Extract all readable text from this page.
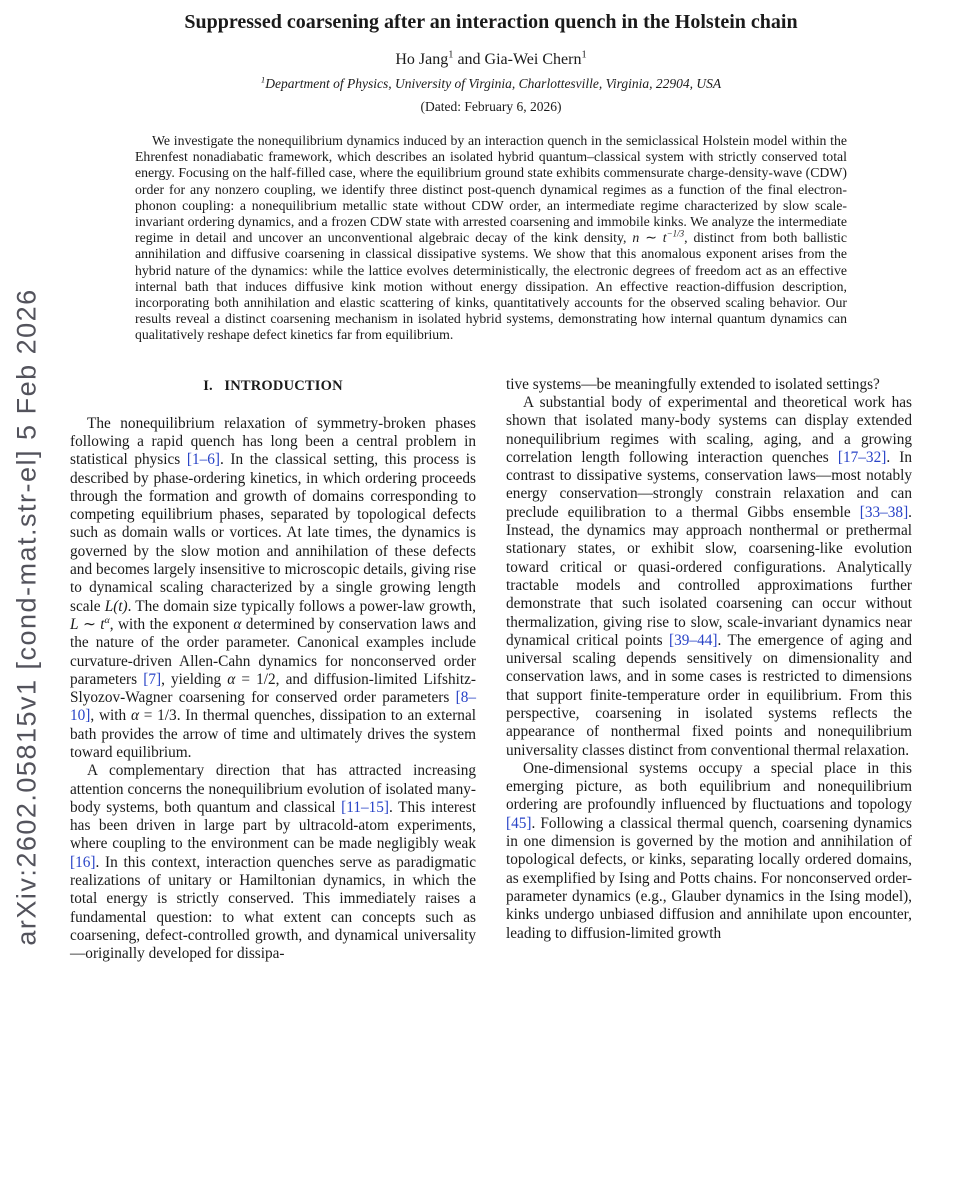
arXiv:2602.05815v1 [cond-mat.str-el] 5 Feb 2026
Suppressed coarsening after an interaction quench in the Holstein chain
Ho Jang$^1$ and Gia-Wei Chern$^1$
$^1$Department of Physics, University of Virginia, Charlottesville, Virginia, 22904, USA
(Dated: February 6, 2026)
We investigate the nonequilibrium dynamics induced by an interaction quench in the semiclassical Holstein model within the Ehrenfest nonadiabatic framework, which describes an isolated hybrid quantum–classical system with strictly conserved total energy. Focusing on the half-filled case, where the equilibrium ground state exhibits commensurate charge-density-wave (CDW) order for any nonzero coupling, we identify three distinct post-quench dynamical regimes as a function of the final electron-phonon coupling: a nonequilibrium metallic state without CDW order, an intermediate regime characterized by slow scale-invariant ordering dynamics, and a frozen CDW state with arrested coarsening and immobile kinks. We analyze the intermediate regime in detail and uncover an unconventional algebraic decay of the kink density, n ∼ $t^{-1/3}$, distinct from both ballistic annihilation and diffusive coarsening in classical dissipative systems. We show that this anomalous exponent arises from the hybrid nature of the dynamics: while the lattice evolves deterministically, the electronic degrees of freedom act as an effective internal bath that induces diffusive kink motion without energy dissipation. An effective reaction-diffusion description, incorporating both annihilation and elastic scattering of kinks, quantitatively accounts for the observed scaling behavior. Our results reveal a distinct coarsening mechanism in isolated hybrid systems, demonstrating how internal quantum dynamics can qualitatively reshape defect kinetics far from equilibrium.
I.   INTRODUCTION

The nonequilibrium relaxation of symmetry-broken phases following a rapid quench has long been a central problem in statistical physics [1–6]. In the classical setting, this process is described by phase-ordering kinetics, in which ordering proceeds through the formation and growth of domains corresponding to competing equilibrium phases, separated by topological defects such as domain walls or vortices. At late times, the dynamics is governed by the slow motion and annihilation of these defects and becomes largely insensitive to microscopic details, giving rise to dynamical scaling characterized by a single growing length scale L(t). The domain size typically follows a power-law growth, L ∼ $t^\alpha$, with the exponent α determined by conservation laws and the nature of the order parameter. Canonical examples include curvature-driven Allen-Cahn dynamics for nonconserved order parameters [7], yielding α = 1/2, and diffusion-limited Lifshitz-Slyozov-Wagner coarsening for conserved order parameters [8–10], with α = 1/3. In thermal quenches, dissipation to an external bath provides the arrow of time and ultimately drives the system toward equilibrium.

A complementary direction that has attracted increasing attention concerns the nonequilibrium evolution of isolated many-body systems, both quantum and classical [11–15]. This interest has been driven in large part by ultracold-atom experiments, where coupling to the environment can be made negligibly weak [16]. In this context, interaction quenches serve as paradigmatic realizations of unitary or Hamiltonian dynamics, in which the total energy is strictly conserved. This immediately raises a fundamental question: to what extent can concepts such as coarsening, defect-controlled growth, and dynamical universality—originally developed for dissipa-

tive systems—be meaningfully extended to isolated settings?

A substantial body of experimental and theoretical work has shown that isolated many-body systems can display extended nonequilibrium regimes with scaling, aging, and a growing correlation length following interaction quenches [17–32]. In contrast to dissipative systems, conservation laws—most notably energy conservation—strongly constrain relaxation and can preclude equilibration to a thermal Gibbs ensemble [33–38]. Instead, the dynamics may approach nonthermal or prethermal stationary states, or exhibit slow, coarsening-like evolution toward critical or quasi-ordered configurations. Analytically tractable models and controlled approximations further demonstrate that such isolated coarsening can occur without thermalization, giving rise to slow, scale-invariant dynamics near dynamical critical points [39–44]. The emergence of aging and universal scaling depends sensitively on dimensionality and conservation laws, and in some cases is restricted to dimensions that support finite-temperature order in equilibrium. From this perspective, coarsening in isolated systems reflects the appearance of nonthermal fixed points and nonequilibrium universality classes distinct from conventional thermal relaxation.

One-dimensional systems occupy a special place in this emerging picture, as both equilibrium and nonequilibrium ordering are profoundly influenced by fluctuations and topology [45]. Following a classical thermal quench, coarsening dynamics in one dimension is governed by the motion and annihilation of topological defects, or kinks, separating locally ordered domains, as exemplified by Ising and Potts chains. For nonconserved order-parameter dynamics (e.g., Glauber dynamics in the Ising model), kinks undergo unbiased diffusion and annihilate upon encounter, leading to diffusion-limited growth
